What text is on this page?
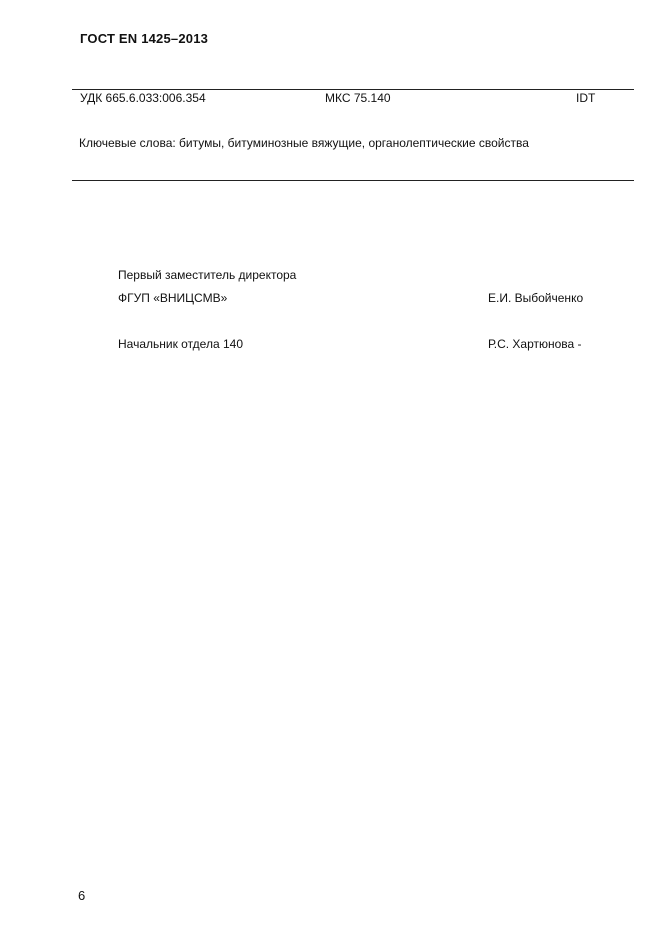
ГОСТ EN 1425–2013
УДК 665.6.033:006.354	МКС 75.140	IDT
Ключевые слова: битумы, битуминозные вяжущие, органолептические свойства
Первый заместитель директора
ФГУП «ВНИЦСМВ»	Е.И. Выбойченко
Начальник отдела 140	Р.С. Хартюнова -
6
